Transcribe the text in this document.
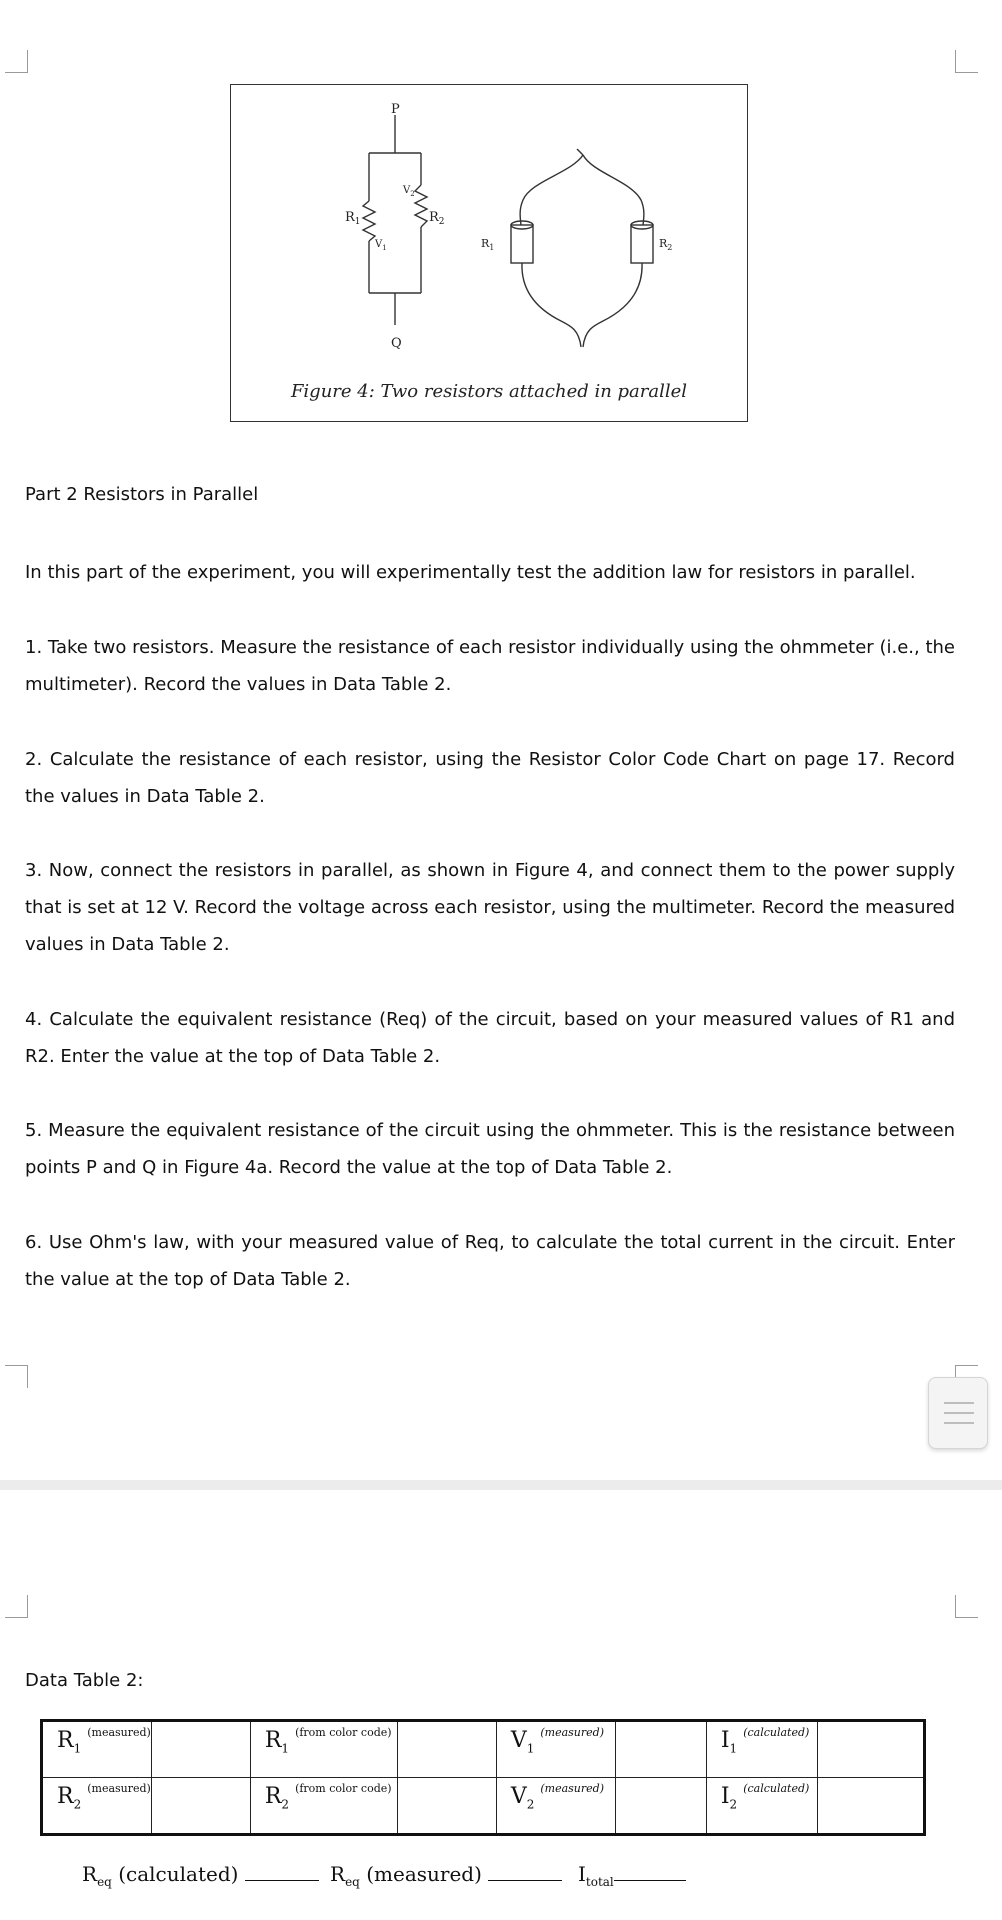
P
Q
$R_1$	$R_2$
$V_1$
$V_2$
$R_1$	$R_2$
Figure 4: Two resistors attached in parallel
Part 2 Resistors in Parallel

In this part of the experiment, you will experimentally test the addition law for resistors in parallel.

1. Take two resistors. Measure the resistance of each resistor individually using the ohmmeter (i.e., the multimeter). Record the values in Data Table 2.

2. Calculate the resistance of each resistor, using the Resistor Color Code Chart on page 17. Record the values in Data Table 2.

3. Now, connect the resistors in parallel, as shown in Figure 4, and connect them to the power supply that is set at 12 V. Record the voltage across each resistor, using the multimeter. Record the measured values in Data Table 2.

4. Calculate the equivalent resistance (Req) of the circuit, based on your measured values of R1 and R2. Enter the value at the top of Data Table 2.

5. Measure the equivalent resistance of the circuit using the ohmmeter. This is the resistance between points P and Q in Figure 4a. Record the value at the top of Data Table 2.

6. Use Ohm's law, with your measured value of Req, to calculate the total current in the circuit. Enter the value at the top of Data Table 2.

Data Table 2:
$R_1^{(measured)}$		$R_1^{(from color code)}$		$V_1^{(measured)}$		$I_1^{(calculated)}$	
$R_2^{(measured)}$		$R_2^{(from color code)}$		$V_2^{(measured)}$		$I_2^{(calculated)}$	
$R_{eq}$ (calculated)	$R_{eq}$ (measured)	$I_{total}$
